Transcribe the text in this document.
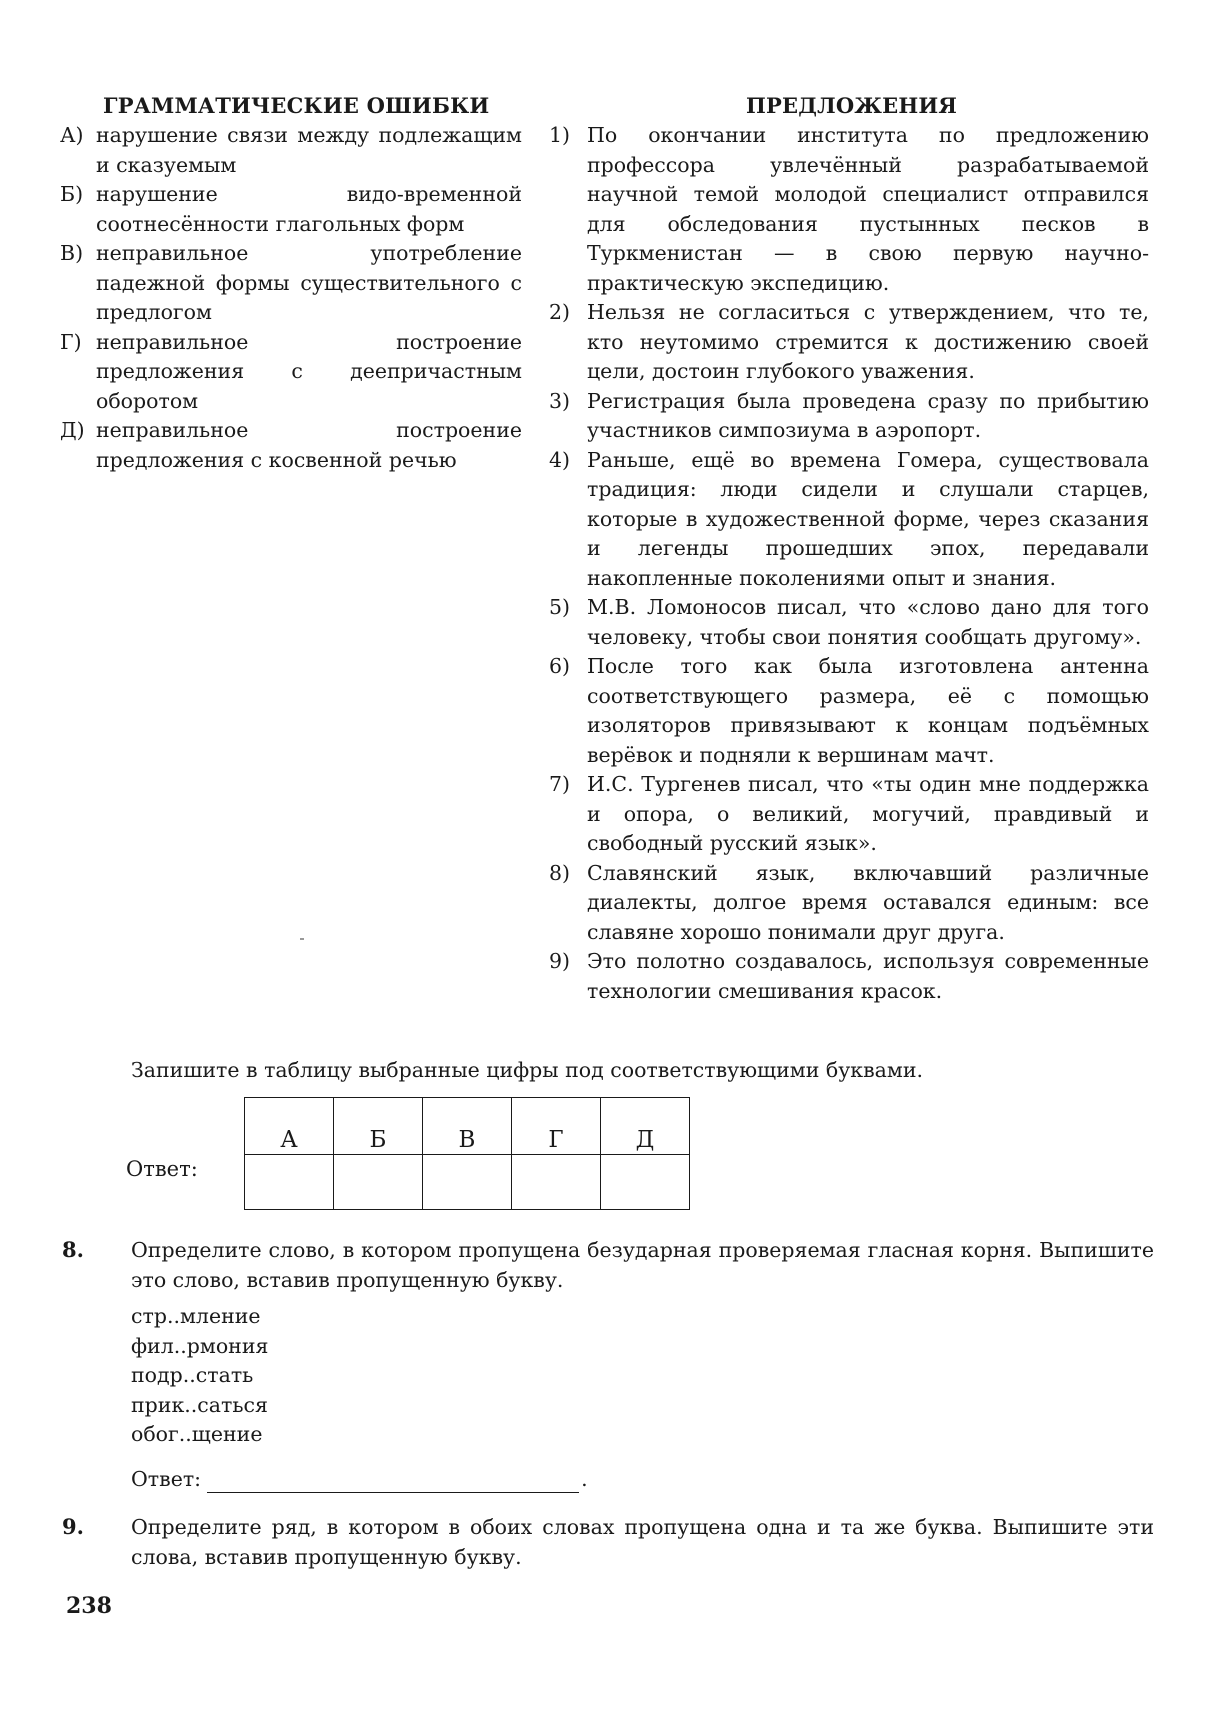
ГРАММАТИЧЕСКИЕ ОШИБКИ
А) нарушение связи между подлежащим и сказуемым
Б) нарушение видо-временной соотнесённости глагольных форм
В) неправильное употребление падежной формы существительного с предлогом
Г) неправильное построение предложения с деепричастным оборотом
Д) неправильное построение предложения с косвенной речью
ПРЕДЛОЖЕНИЯ
1) По окончании института по предложению профессора увлечённый разрабатываемой научной темой молодой специалист отправился для обследования пустынных песков в Туркменистан — в свою первую научно-практическую экспедицию.
2) Нельзя не согласиться с утверждением, что те, кто неутомимо стремится к достижению своей цели, достоин глубокого уважения.
3) Регистрация была проведена сразу по прибытию участников симпозиума в аэропорт.
4) Раньше, ещё во времена Гомера, существовала традиция: люди сидели и слушали старцев, которые в художественной форме, через сказания и легенды прошедших эпох, передавали накопленные поколениями опыт и знания.
5) М.В. Ломоносов писал, что «слово дано для того человеку, чтобы свои понятия сообщать другому».
6) После того как была изготовлена антенна соответствующего размера, её с помощью изоляторов привязывают к концам подъёмных верёвок и подняли к вершинам мачт.
7) И.С. Тургенев писал, что «ты один мне поддержка и опора, о великий, могучий, правдивый и свободный русский язык».
8) Славянский язык, включавший различные диалекты, долгое время оставался единым: все славяне хорошо понимали друг друга.
9) Это полотно создавалось, используя современные технологии смешивания красок.
Запишите в таблицу выбранные цифры под соответствующими буквами.
Ответ:
А	Б	В	Г	Д

8. Определите слово, в котором пропущена безударная проверяемая гласная корня. Выпишите это слово, вставив пропущенную букву.
стр..мление
фил..рмония
подр..стать
прик..саться
обог..щение
Ответ:	.
9. Определите ряд, в котором в обоих словах пропущена одна и та же буква. Выпишите эти слова, вставив пропущенную букву.
238
